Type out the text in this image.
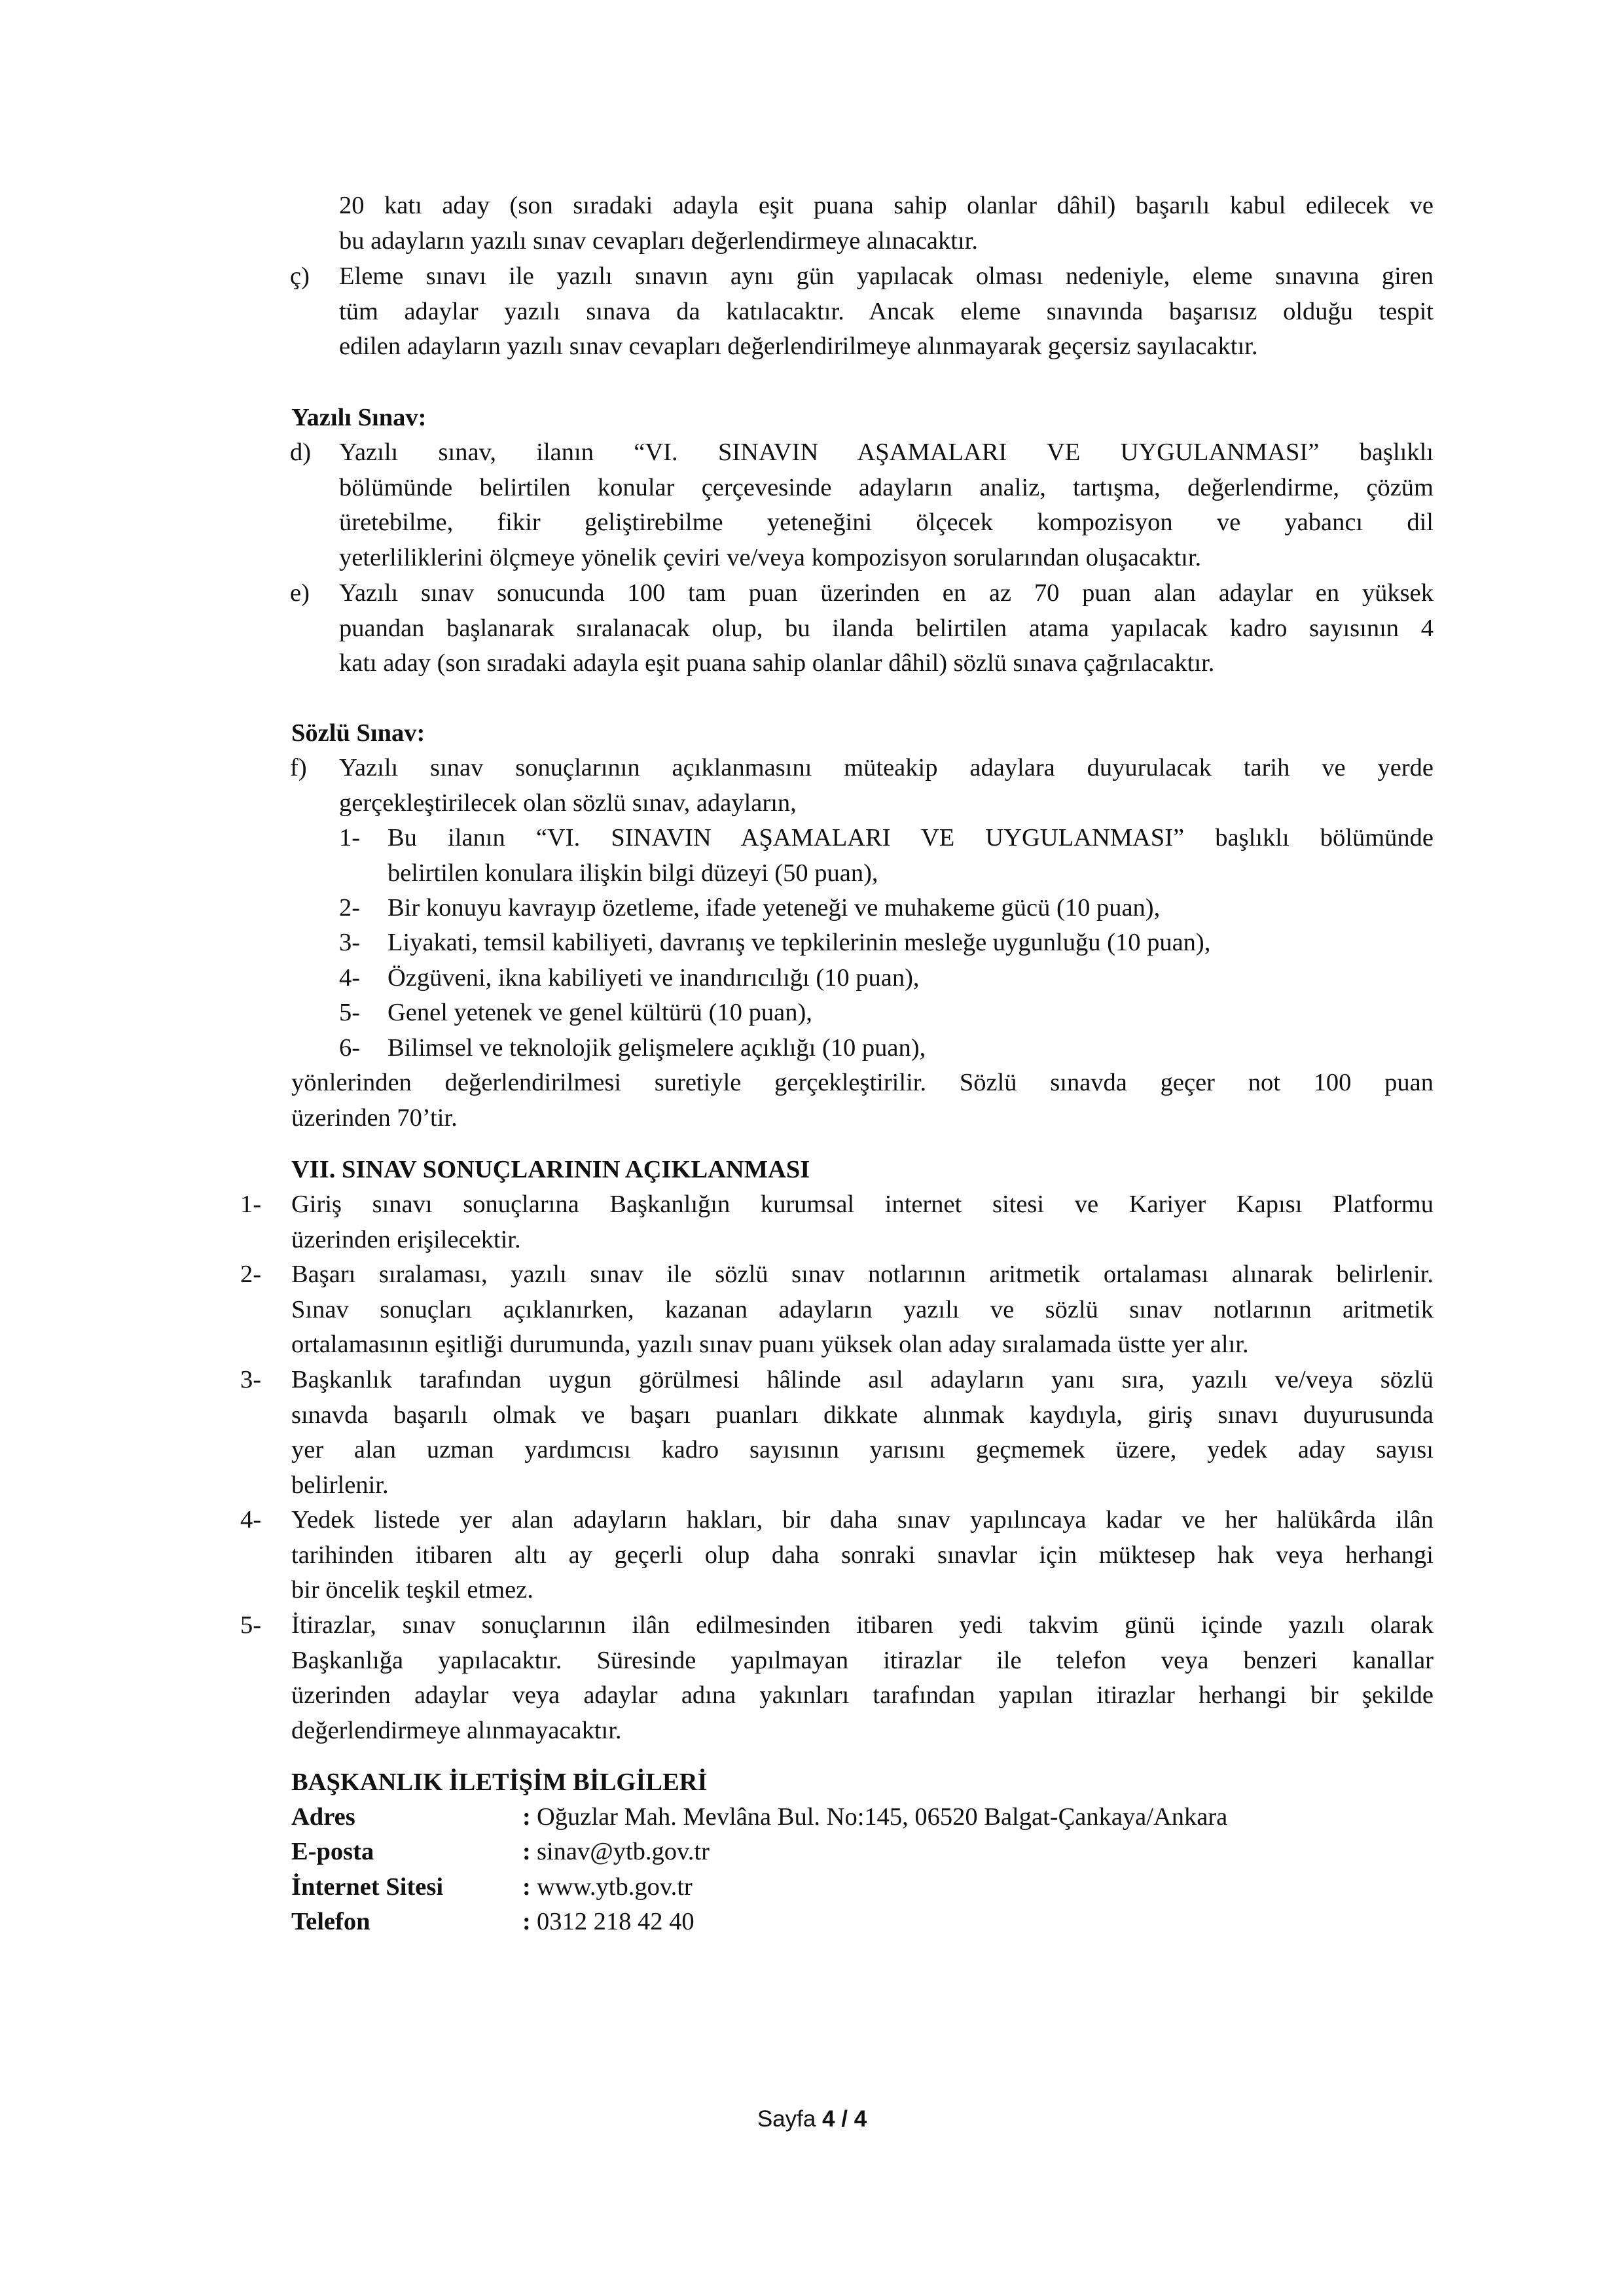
20 katı aday (son sıradaki adayla eşit puana sahip olanlar dâhil) başarılı kabul edilecek ve
bu adayların yazılı sınav cevapları değerlendirmeye alınacaktır.
ç) Eleme sınavı ile yazılı sınavın aynı gün yapılacak olması nedeniyle, eleme sınavına giren
tüm adaylar yazılı sınava da katılacaktır. Ancak eleme sınavında başarısız olduğu tespit
edilen adayların yazılı sınav cevapları değerlendirilmeye alınmayarak geçersiz sayılacaktır.
Yazılı Sınav:
d) Yazılı sınav, ilanın “VI. SINAVIN AŞAMALARI VE UYGULANMASI” başlıklı
bölümünde belirtilen konular çerçevesinde adayların analiz, tartışma, değerlendirme, çözüm
üretebilme, fikir geliştirebilme yeteneğini ölçecek kompozisyon ve yabancı dil
yeterliliklerini ölçmeye yönelik çeviri ve/veya kompozisyon sorularından oluşacaktır.
e) Yazılı sınav sonucunda 100 tam puan üzerinden en az 70 puan alan adaylar en yüksek
puandan başlanarak sıralanacak olup, bu ilanda belirtilen atama yapılacak kadro sayısının 4
katı aday (son sıradaki adayla eşit puana sahip olanlar dâhil) sözlü sınava çağrılacaktır.
Sözlü Sınav:
f) Yazılı sınav sonuçlarının açıklanmasını müteakip adaylara duyurulacak tarih ve yerde
gerçekleştirilecek olan sözlü sınav, adayların,
1- Bu ilanın “VI. SINAVIN AŞAMALARI VE UYGULANMASI” başlıklı bölümünde
belirtilen konulara ilişkin bilgi düzeyi (50 puan),
2- Bir konuyu kavrayıp özetleme, ifade yeteneği ve muhakeme gücü (10 puan),
3- Liyakati, temsil kabiliyeti, davranış ve tepkilerinin mesleğe uygunluğu (10 puan),
4- Özgüveni, ikna kabiliyeti ve inandırıcılığı (10 puan),
5- Genel yetenek ve genel kültürü (10 puan),
6- Bilimsel ve teknolojik gelişmelere açıklığı (10 puan),
yönlerinden değerlendirilmesi suretiyle gerçekleştirilir. Sözlü sınavda geçer not 100 puan
üzerinden 70’tir.
VII. SINAV SONUÇLARININ AÇIKLANMASI
1- Giriş sınavı sonuçlarına Başkanlığın kurumsal internet sitesi ve Kariyer Kapısı Platformu
üzerinden erişilecektir.
2- Başarı sıralaması, yazılı sınav ile sözlü sınav notlarının aritmetik ortalaması alınarak belirlenir.
Sınav sonuçları açıklanırken, kazanan adayların yazılı ve sözlü sınav notlarının aritmetik
ortalamasının eşitliği durumunda, yazılı sınav puanı yüksek olan aday sıralamada üstte yer alır.
3- Başkanlık tarafından uygun görülmesi hâlinde asıl adayların yanı sıra, yazılı ve/veya sözlü
sınavda başarılı olmak ve başarı puanları dikkate alınmak kaydıyla, giriş sınavı duyurusunda
yer alan uzman yardımcısı kadro sayısının yarısını geçmemek üzere, yedek aday sayısı
belirlenir.
4- Yedek listede yer alan adayların hakları, bir daha sınav yapılıncaya kadar ve her halükârda ilân
tarihinden itibaren altı ay geçerli olup daha sonraki sınavlar için müktesep hak veya herhangi
bir öncelik teşkil etmez.
5- İtirazlar, sınav sonuçlarının ilân edilmesinden itibaren yedi takvim günü içinde yazılı olarak
Başkanlığa yapılacaktır. Süresinde yapılmayan itirazlar ile telefon veya benzeri kanallar
üzerinden adaylar veya adaylar adına yakınları tarafından yapılan itirazlar herhangi bir şekilde
değerlendirmeye alınmayacaktır.
BAŞKANLIK İLETİŞİM BİLGİLERİ
Adres	: Oğuzlar Mah. Mevlâna Bul. No:145, 06520 Balgat-Çankaya/Ankara
E-posta	: sinav@ytb.gov.tr
İnternet Sitesi	: www.ytb.gov.tr
Telefon	: 0312 218 42 40
Sayfa 4 / 4
